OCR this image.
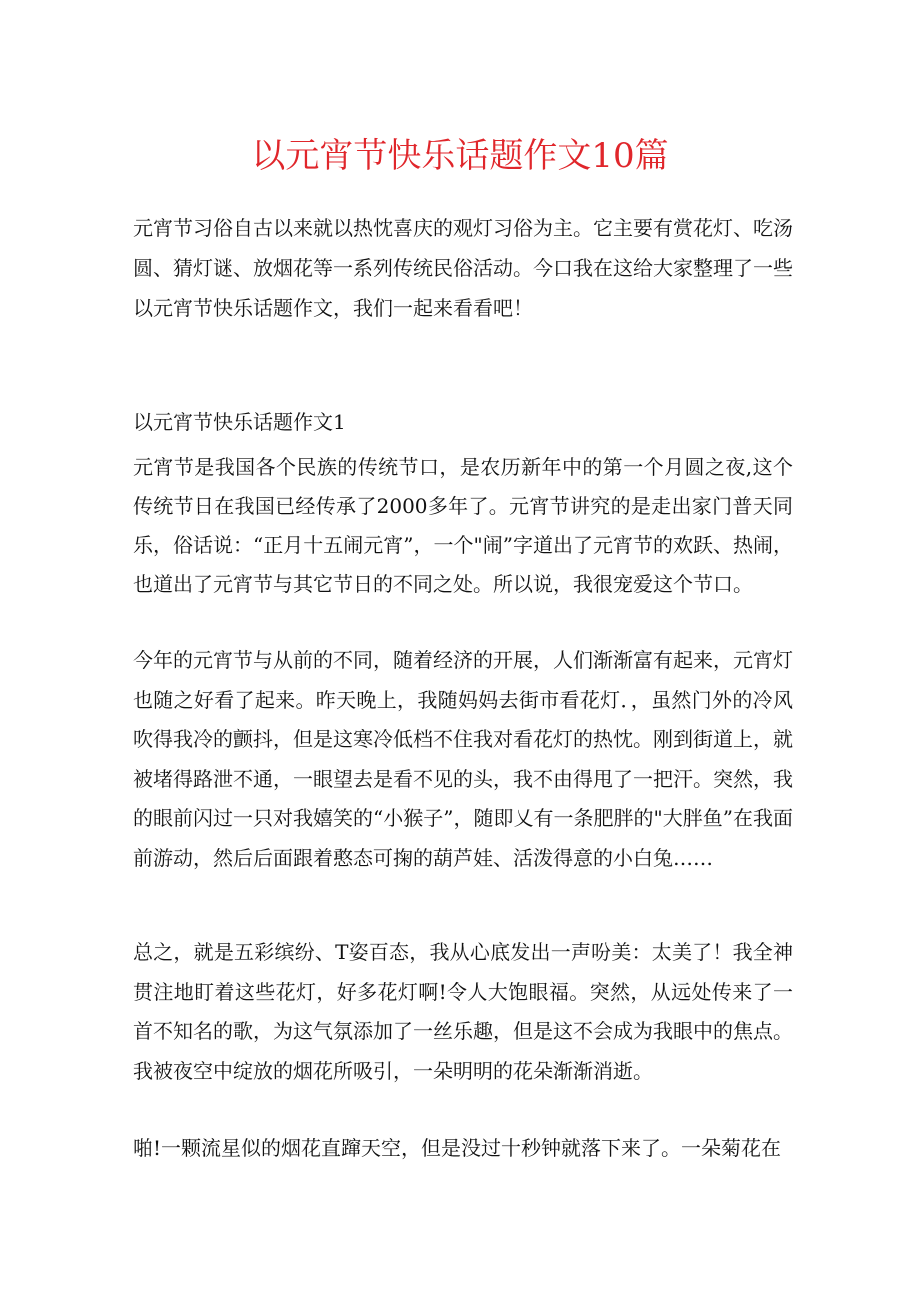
以元宵节快乐话题作文10篇

元宵节习俗自古以来就以热忱喜庆的观灯习俗为主。它主要有赏花灯、吃汤圆、猜灯谜、放烟花等一系列传统民俗活动。今口我在这给大家整理了一些以元宵节快乐话题作文，我们一起来看看吧！

以元宵节快乐话题作文1

元宵节是我国各个民族的传统节口，是农历新年中的第一个月圆之夜,这个传统节日在我国已经传承了2000多年了。元宵节讲究的是走出家门普天同乐，俗话说：“正月十五闹元宵”，一个"闹”字道出了元宵节的欢跃、热闹，也道出了元宵节与其它节日的不同之处。所以说，我很宠爱这个节口。

今年的元宵节与从前的不同，随着经济的开展，人们渐渐富有起来，元宵灯也随之好看了起来。昨天晚上，我随妈妈去街市看花灯．，虽然门外的冷风吹得我冷的颤抖，但是这寒冷低档不住我对看花灯的热忱。刚到街道上，就被堵得路泄不通，一眼望去是看不见的头，我不由得甩了一把汗。突然，我的眼前闪过一只对我嬉笑的“小猴子”，随即乂有一条肥胖的"大胖鱼”在我面前游动，然后后面跟着憨态可掬的葫芦娃、活泼得意的小白兔……

总之，就是五彩缤纷、T姿百态，我从心底发出一声吩美：太美了！我全神贯注地盯着这些花灯，好多花灯啊!令人大饱眼福。突然，从远处传来了一首不知名的歌，为这气氛添加了一丝乐趣，但是这不会成为我眼中的焦点。我被夜空中绽放的烟花所吸引，一朵明明的花朵渐渐消逝。

啪!一颗流星似的烟花直蹿天空，但是没过十秒钟就落下来了。一朵菊花在
